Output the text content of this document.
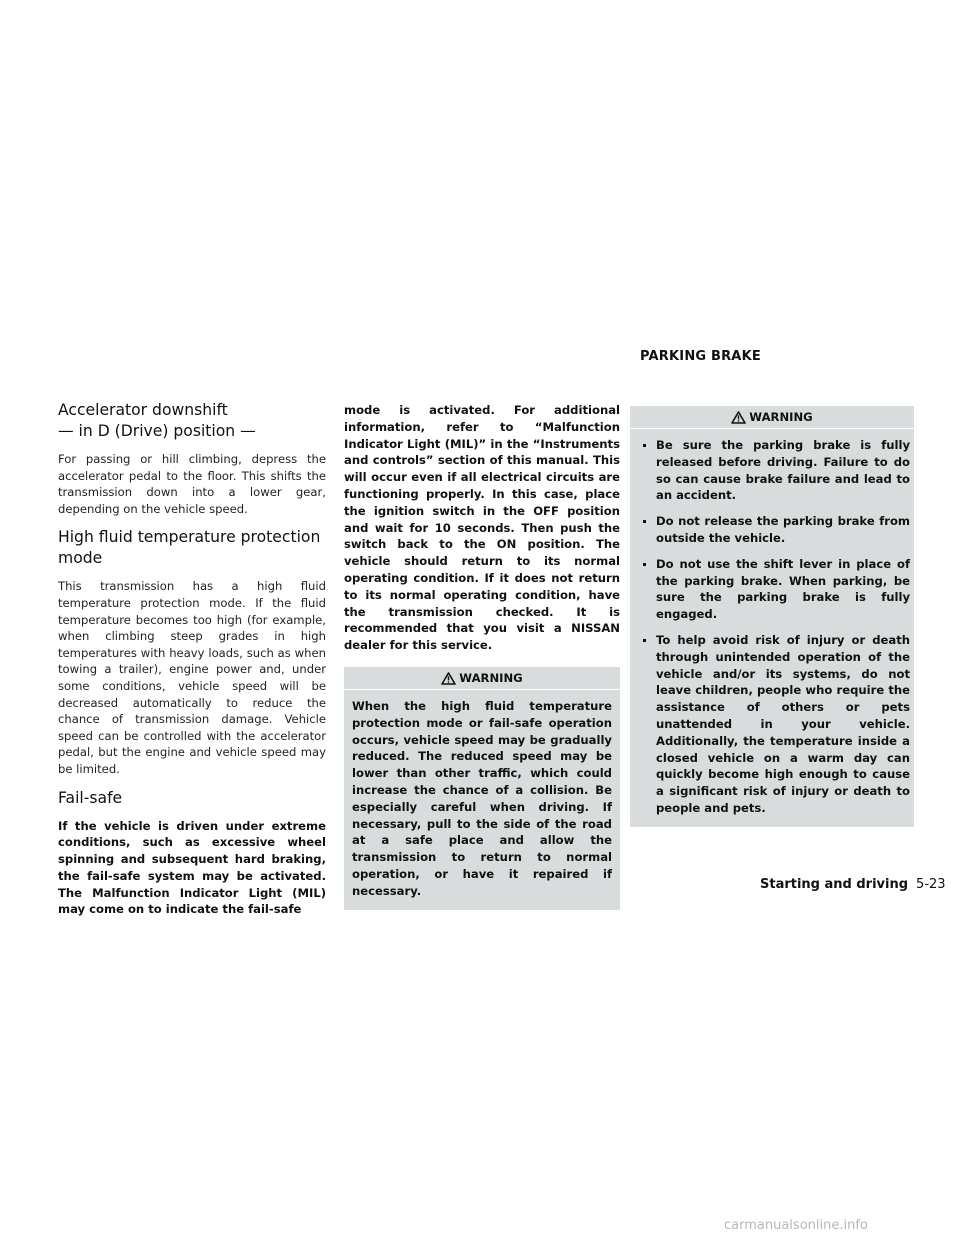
Accelerator downshift
— in D (Drive) position —

For passing or hill climbing, depress the accelerator pedal to the floor. This shifts the transmission down into a lower gear, depending on the vehicle speed.

High fluid temperature protection
mode

This transmission has a high fluid temperature protection mode. If the fluid temperature becomes too high (for example, when climbing steep grades in high temperatures with heavy loads, such as when towing a trailer), engine power and, under some conditions, vehicle speed will be decreased automatically to reduce the chance of transmission damage. Vehicle speed can be controlled with the accelerator pedal, but the engine and vehicle speed may be limited.

Fail-safe

If the vehicle is driven under extreme conditions, such as excessive wheel spinning and subsequent hard braking, the fail-safe system may be activated. The Malfunction Indicator Light (MIL) may come on to indicate the fail-safe

mode is activated. For additional information, refer to “Malfunction Indicator Light (MIL)” in the “Instruments and controls” section of this manual. This will occur even if all electrical circuits are functioning properly. In this case, place the ignition switch in the OFF position and wait for 10 seconds. Then push the switch back to the ON position. The vehicle should return to its normal operating condition. If it does not return to its normal operating condition, have the transmission checked. It is recommended that you visit a NISSAN dealer for this service.

WARNING
When the high fluid temperature protection mode or fail-safe operation occurs, vehicle speed may be gradually reduced. The reduced speed may be lower than other traffic, which could increase the chance of a collision. Be especially careful when driving. If necessary, pull to the side of the road at a safe place and allow the transmission to return to normal operation, or have it repaired if necessary.
PARKING BRAKE
WARNING
Be sure the parking brake is fully released before driving. Failure to do so can cause brake failure and lead to an accident.
Do not release the parking brake from outside the vehicle.
Do not use the shift lever in place of the parking brake. When parking, be sure the parking brake is fully engaged.
To help avoid risk of injury or death through unintended operation of the vehicle and/or its systems, do not leave children, people who require the assistance of others or pets unattended in your vehicle. Additionally, the temperature inside a closed vehicle on a warm day can quickly become high enough to cause a significant risk of injury or death to people and pets.
Starting and driving 5-23
carmanualsonline.info
